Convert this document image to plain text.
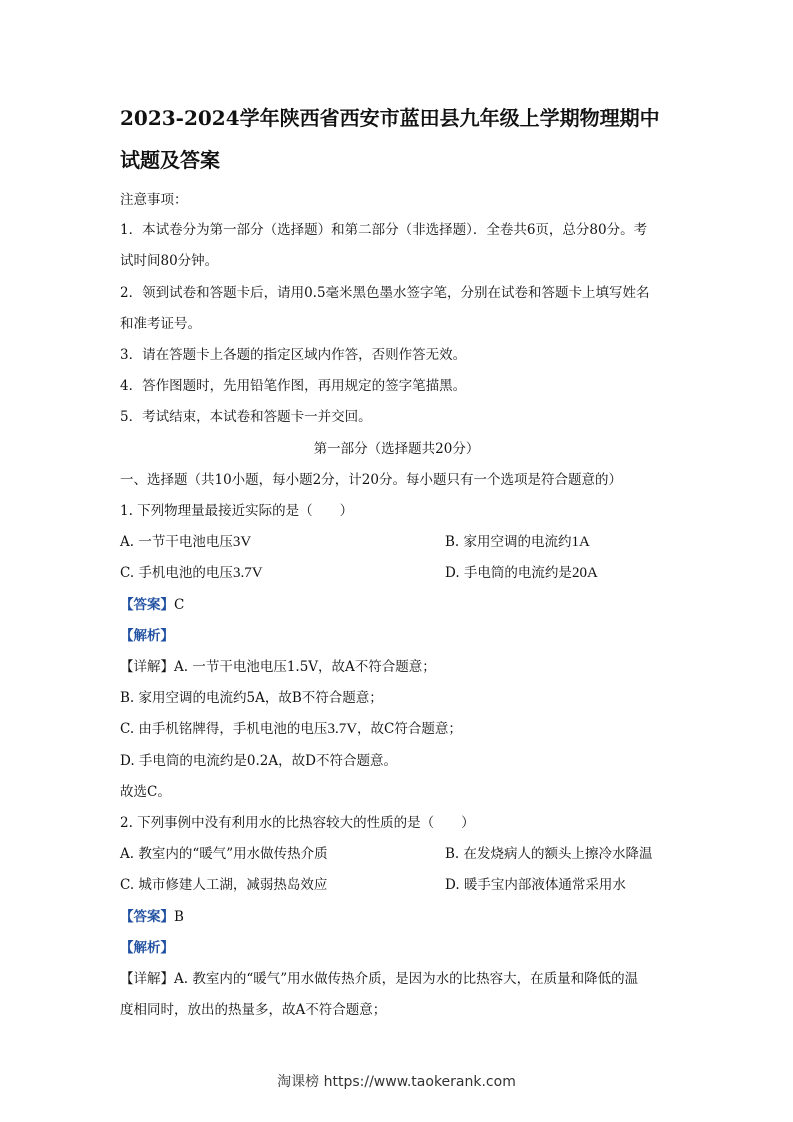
2023-2024学年陕西省西安市蓝田县九年级上学期物理期中
试题及答案
注意事项：
1．本试卷分为第一部分（选择题）和第二部分（非选择题）．全卷共6页，总分80分。考
试时间80分钟。
2．领到试卷和答题卡后，请用0.5毫米黑色墨水签字笔，分别在试卷和答题卡上填写姓名
和准考证号。
3．请在答题卡上各题的指定区域内作答，否则作答无效。
4．答作图题时，先用铅笔作图，再用规定的签字笔描黑。
5．考试结束，本试卷和答题卡一并交回。
第一部分（选择题共20分）
一、选择题（共10小题，每小题2分，计20分。每小题只有一个选项是符合题意的）
1. 下列物理量最接近实际的是（　　）
A. 一节干电池电压3V	B. 家用空调的电流约1A
C. 手机电池的电压3.7V	D. 手电筒的电流约是20A
【答案】C
【解析】
【详解】A. 一节干电池电压1.5V，故A不符合题意；
B. 家用空调的电流约5A，故B不符合题意；
C. 由手机铭牌得，手机电池的电压3.7V，故C符合题意；
D. 手电筒的电流约是0.2A，故D不符合题意。
故选C。
2. 下列事例中没有利用水的比热容较大的性质的是（　　）
A. 教室内的“暖气”用水做传热介质	B. 在发烧病人的额头上擦冷水降温
C. 城市修建人工湖，减弱热岛效应	D. 暖手宝内部液体通常采用水
【答案】B
【解析】
【详解】A. 教室内的“暖气”用水做传热介质，是因为水的比热容大，在质量和降低的温
度相同时，放出的热量多，故A不符合题意；
淘课榜 https://www.taokerank.com
